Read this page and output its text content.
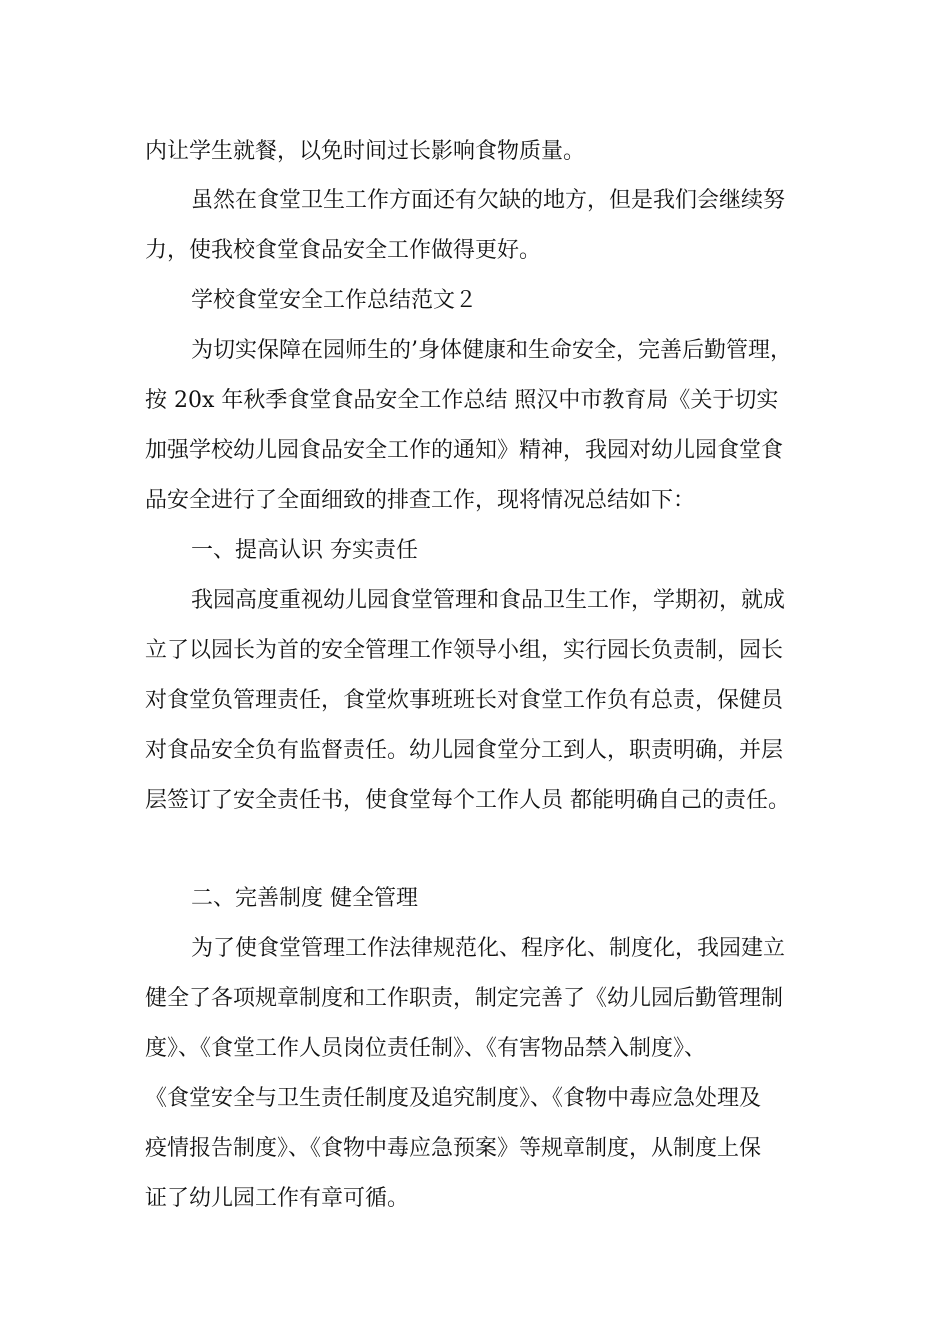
内让学生就餐，以免时间过长影响食物质量。
虽然在食堂卫生工作方面还有欠缺的地方，但是我们会继续努
力，使我校食堂食品安全工作做得更好。
学校食堂安全工作总结范文２
为切实保障在园师生的’身体健康和生命安全，完善后勤管理，
按 20x 年秋季食堂食品安全工作总结 照汉中市教育局《关于切实
加强学校幼儿园食品安全工作的通知》精神，我园对幼儿园食堂食
品安全进行了全面细致的排查工作，现将情况总结如下：
一、提高认识 夯实责任
我园高度重视幼儿园食堂管理和食品卫生工作，学期初，就成
立了以园长为首的安全管理工作领导小组，实行园长负责制，园长
对食堂负管理责任，食堂炊事班班长对食堂工作负有总责，保健员
对食品安全负有监督责任。幼儿园食堂分工到人，职责明确，并层
层签订了安全责任书，使食堂每个工作人员 都能明确自己的责任。
二、完善制度 健全管理
为了使食堂管理工作法律规范化、程序化、制度化，我园建立
健全了各项规章制度和工作职责，制定完善了《幼儿园后勤管理制
度》、《食堂工作人员岗位责任制》、《有害物品禁入制度》、
《食堂安全与卫生责任制度及追究制度》、《食物中毒应急处理及
疫情报告制度》、《食物中毒应急预案》等规章制度，从制度上保
证了幼儿园工作有章可循。
